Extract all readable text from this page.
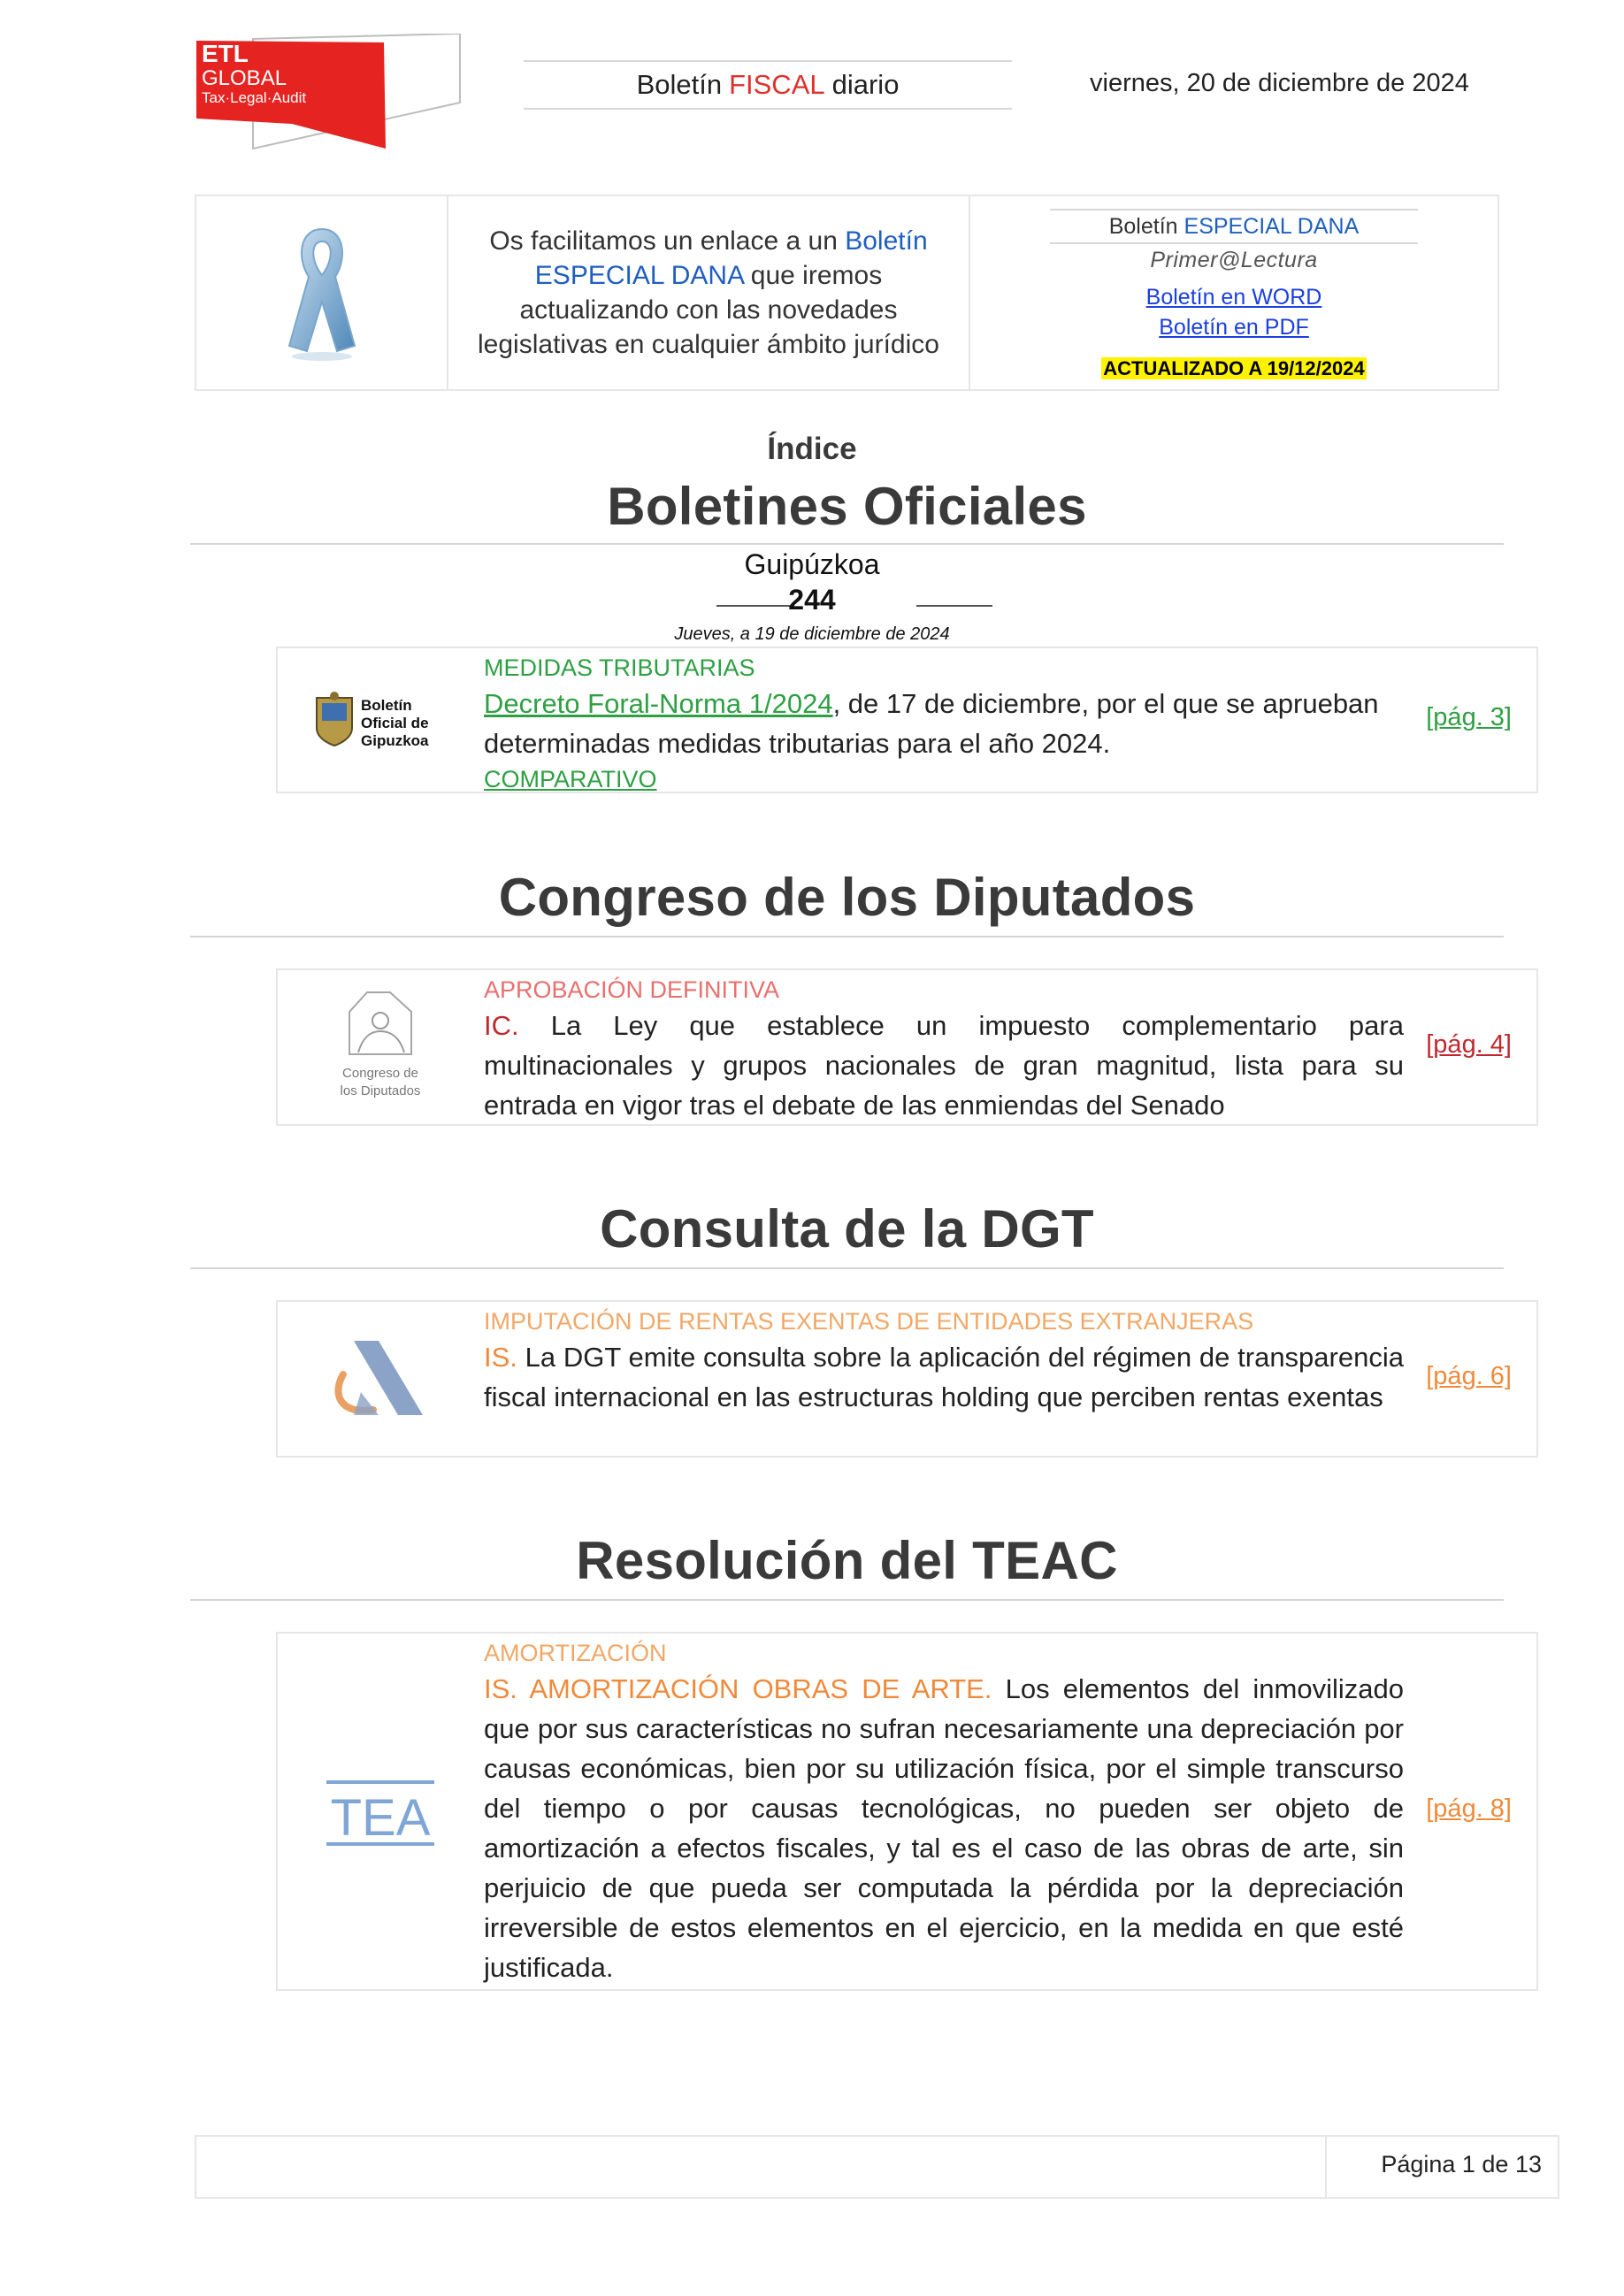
ETL
GLOBAL
Tax·Legal·Audit	Boletín FISCAL diario	viernes, 20 de diciembre de 2024

Os facilitamos un enlace a un Boletín ESPECIAL DANA que iremos actualizando con las novedades legislativas en cualquier ámbito jurídico

Boletín ESPECIAL DANA
Primer@Lectura
Boletín en WORD
Boletín en PDF
ACTUALIZADO A 19/12/2024
Índice
Boletines Oficiales
Guipúzkoa
244
Jueves, a 19 de diciembre de 2024
Boletín
Oficial de
Gipuzkoa
MEDIDAS TRIBUTARIAS
Decreto Foral-Norma 1/2024, de 17 de diciembre, por el que se aprueban determinadas medidas tributarias para el año 2024.
COMPARATIVO
[pág. 3]
Congreso de los Diputados
Congreso de
los Diputados
APROBACIÓN DEFINITIVA
IC. La Ley que establece un impuesto complementario para multinacionales y grupos nacionales de gran magnitud, lista para su entrada en vigor tras el debate de las enmiendas del Senado
[pág. 4]
Consulta de la DGT
IMPUTACIÓN DE RENTAS EXENTAS DE ENTIDADES EXTRANJERAS
IS. La DGT emite consulta sobre la aplicación del régimen de transparencia fiscal internacional en las estructuras holding que perciben rentas exentas
[pág. 6]
Resolución del TEAC
TEA
AMORTIZACIÓN
IS. AMORTIZACIÓN OBRAS DE ARTE. Los elementos del inmovilizado que por sus características no sufran necesariamente una depreciación por causas económicas, bien por su utilización física, por el simple transcurso del tiempo o por causas tecnológicas, no pueden ser objeto de amortización a efectos fiscales, y tal es el caso de las obras de arte, sin perjuicio de que pueda ser computada la pérdida por la depreciación irreversible de estos elementos en el ejercicio, en la medida en que esté justificada.
[pág. 8]
Página 1 de 13
